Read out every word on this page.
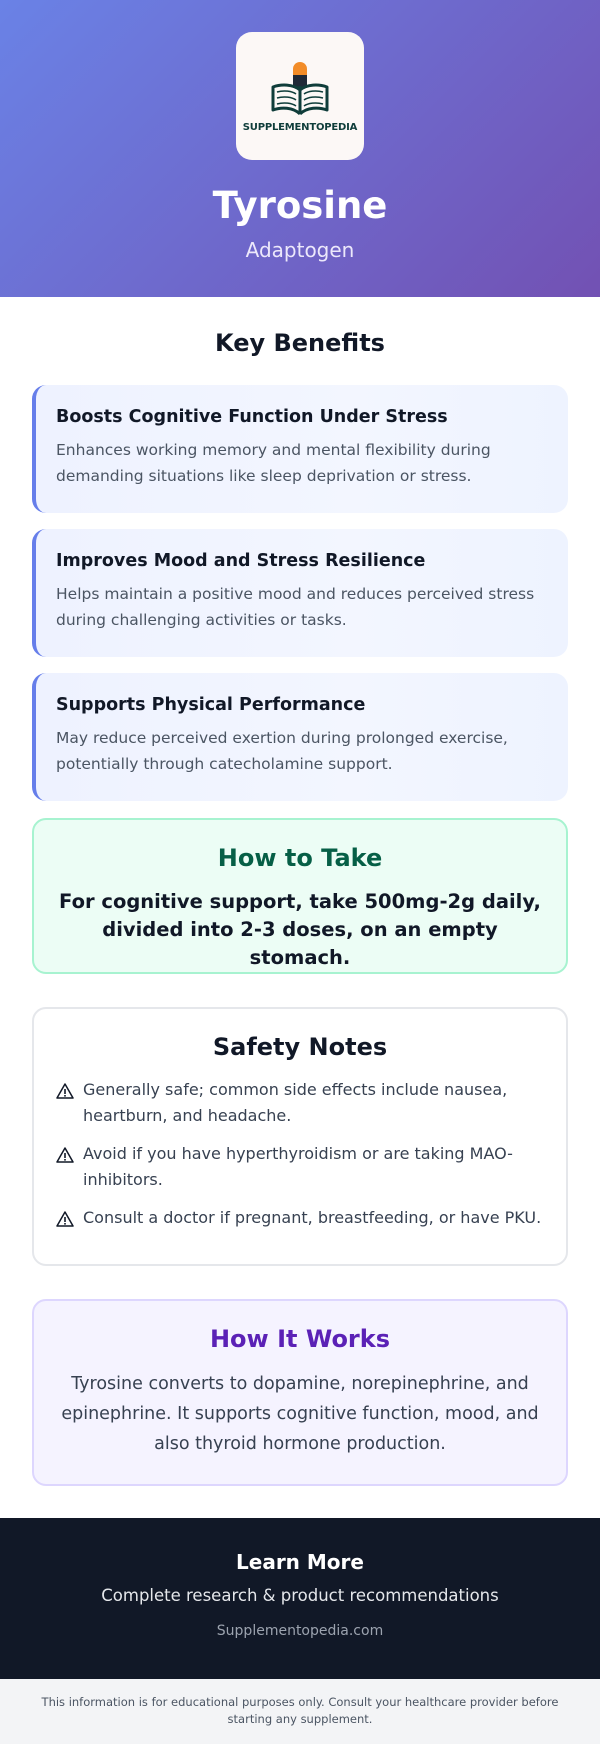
SUPPLEMENTOPEDIA
Tyrosine
Adaptogen
Key Benefits
Boosts Cognitive Function Under Stress

Enhances working memory and mental flexibility during demanding situations like sleep deprivation or stress.

Improves Mood and Stress Resilience

Helps maintain a positive mood and reduces perceived stress during challenging activities or tasks.

Supports Physical Performance

May reduce perceived exertion during prolonged exercise, potentially through catecholamine support.

How to Take

For cognitive support, take 500mg-2g daily, divided into 2-3 doses, on an empty stomach.

Safety Notes
Generally safe; common side effects include nausea, heartburn, and headache.
Avoid if you have hyperthyroidism or are taking MAO-inhibitors.
Consult a doctor if pregnant, breastfeeding, or have PKU.
How It Works

Tyrosine converts to dopamine, norepinephrine, and epinephrine. It supports cognitive function, mood, and also thyroid hormone production.

Learn More
Complete research & product recommendations
Supplementopedia.com
This information is for educational purposes only. Consult your healthcare provider before starting any supplement.
